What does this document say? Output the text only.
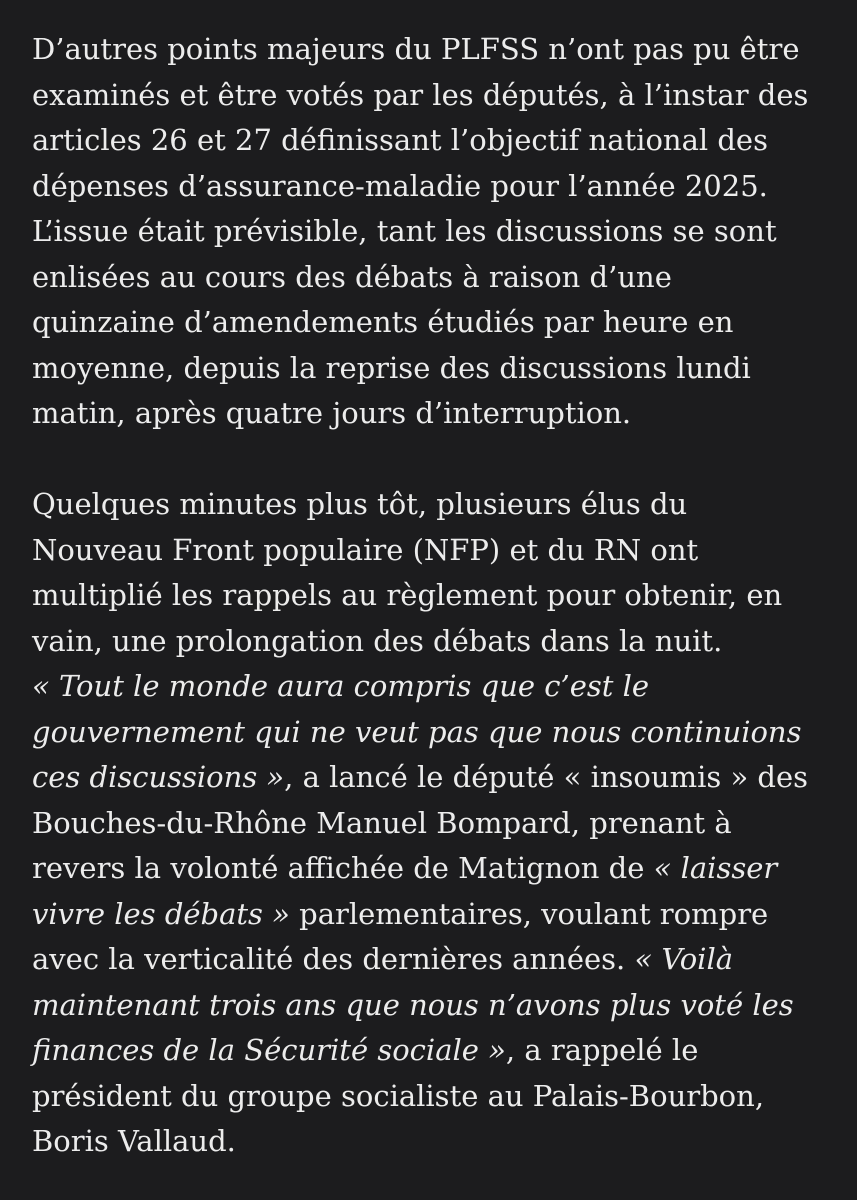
D’autres points majeurs du PLFSS n’ont pas pu être
examinés et être votés par les députés, à l’instar des
articles 26 et 27 définissant l’objectif national des
dépenses d’assurance-maladie pour l’année 2025.
L’issue était prévisible, tant les discussions se sont
enlisées au cours des débats à raison d’une
quinzaine d’amendements étudiés par heure en
moyenne, depuis la reprise des discussions lundi
matin, après quatre jours d’interruption.

Quelques minutes plus tôt, plusieurs élus du
Nouveau Front populaire (NFP) et du RN ont
multiplié les rappels au règlement pour obtenir, en
vain, une prolongation des débats dans la nuit.
« Tout le monde aura compris que c’est le
gouvernement qui ne veut pas que nous continuions
ces discussions », a lancé le député « insoumis » des
Bouches-du-Rhône Manuel Bompard, prenant à
revers la volonté affichée de Matignon de « laisser
vivre les débats » parlementaires, voulant rompre
avec la verticalité des dernières années. « Voilà
maintenant trois ans que nous n’avons plus voté les
finances de la Sécurité sociale », a rappelé le
président du groupe socialiste au Palais-Bourbon,
Boris Vallaud.
